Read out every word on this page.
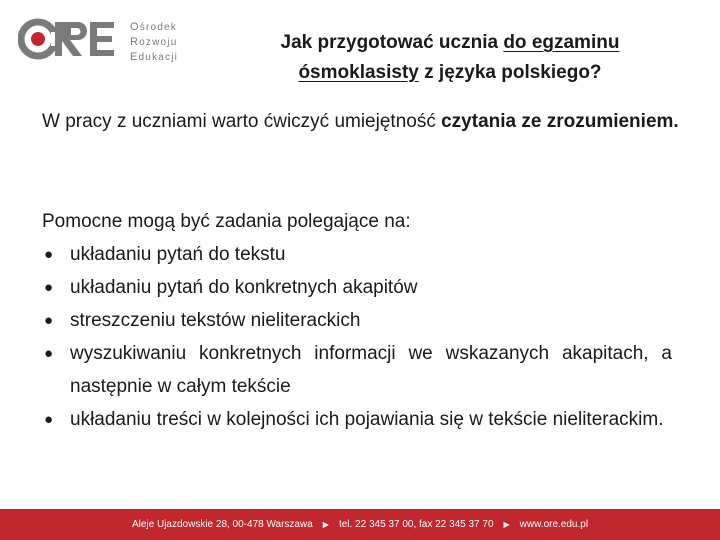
Ośrodek
Rozwoju
Edukacji
Jak przygotować ucznia do egzaminu
ósmoklasisty z języka polskiego?
W pracy z uczniami warto ćwiczyć umiejętność czytania ze zrozumieniem.
Pomocne mogą być zadania polegające na:
● układaniu pytań do tekstu
● układaniu pytań do konkretnych akapitów
● streszczeniu tekstów nieliterackich
● wyszukiwaniu konkretnych informacji we wskazanych akapitach, a następnie w całym tekście
● układaniu treści w kolejności ich pojawiania się w tekście nieliterackim.
Aleje Ujazdowskie 28, 00-478 Warszawa ▶ tel. 22 345 37 00, fax 22 345 37 70 ▶ www.ore.edu.pl
